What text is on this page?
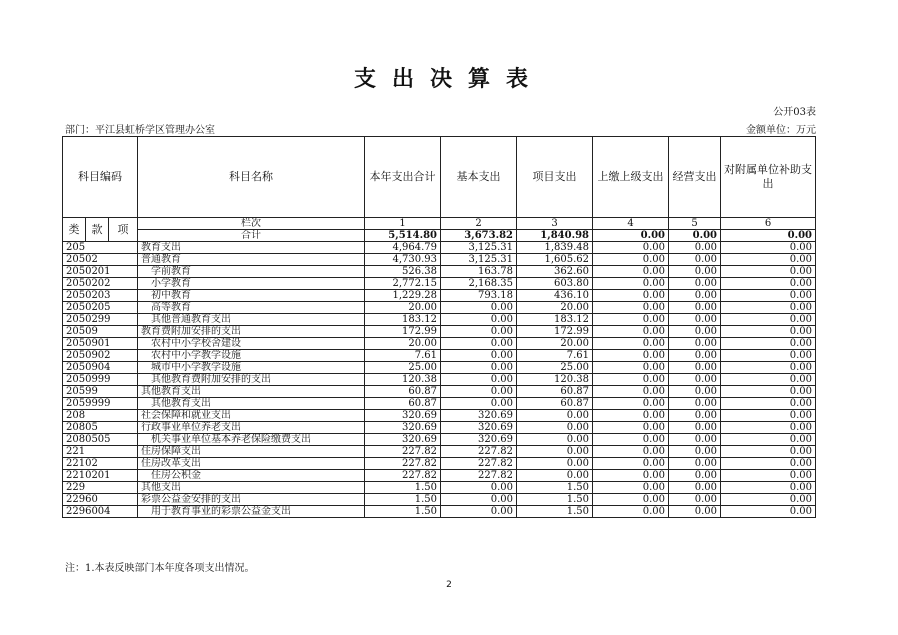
支出决算表
公开03表
部门：平江县虹桥学区管理办公室	金额单位：万元
科目编码			科目名称	本年支出合计	基本支出	项目支出	上缴上级支出	经营支出	对附属单位补助支出
类	款	项	栏次	1	2	3	4	5	6
			合计	5,514.80	3,673.82	1,840.98	0.00	0.00	0.00
205			教育支出	4,964.79	3,125.31	1,839.48	0.00	0.00	0.00
20502			普通教育	4,730.93	3,125.31	1,605.62	0.00	0.00	0.00
2050201			　学前教育	526.38	163.78	362.60	0.00	0.00	0.00
2050202			　小学教育	2,772.15	2,168.35	603.80	0.00	0.00	0.00
2050203			　初中教育	1,229.28	793.18	436.10	0.00	0.00	0.00
2050205			　高等教育	20.00	0.00	20.00	0.00	0.00	0.00
2050299			　其他普通教育支出	183.12	0.00	183.12	0.00	0.00	0.00
20509			教育费附加安排的支出	172.99	0.00	172.99	0.00	0.00	0.00
2050901			　农村中小学校舍建设	20.00	0.00	20.00	0.00	0.00	0.00
2050902			　农村中小学教学设施	7.61	0.00	7.61	0.00	0.00	0.00
2050904			　城市中小学教学设施	25.00	0.00	25.00	0.00	0.00	0.00
2050999			　其他教育费附加安排的支出	120.38	0.00	120.38	0.00	0.00	0.00
20599			其他教育支出	60.87	0.00	60.87	0.00	0.00	0.00
2059999			　其他教育支出	60.87	0.00	60.87	0.00	0.00	0.00
208			社会保障和就业支出	320.69	320.69	0.00	0.00	0.00	0.00
20805			行政事业单位养老支出	320.69	320.69	0.00	0.00	0.00	0.00
2080505			　机关事业单位基本养老保险缴费支出	320.69	320.69	0.00	0.00	0.00	0.00
221			住房保障支出	227.82	227.82	0.00	0.00	0.00	0.00
22102			住房改革支出	227.82	227.82	0.00	0.00	0.00	0.00
2210201			　住房公积金	227.82	227.82	0.00	0.00	0.00	0.00
229			其他支出	1.50	0.00	1.50	0.00	0.00	0.00
22960			彩票公益金安排的支出	1.50	0.00	1.50	0.00	0.00	0.00
2296004			　用于教育事业的彩票公益金支出	1.50	0.00	1.50	0.00	0.00	0.00
注：1.本表反映部门本年度各项支出情况。
2
